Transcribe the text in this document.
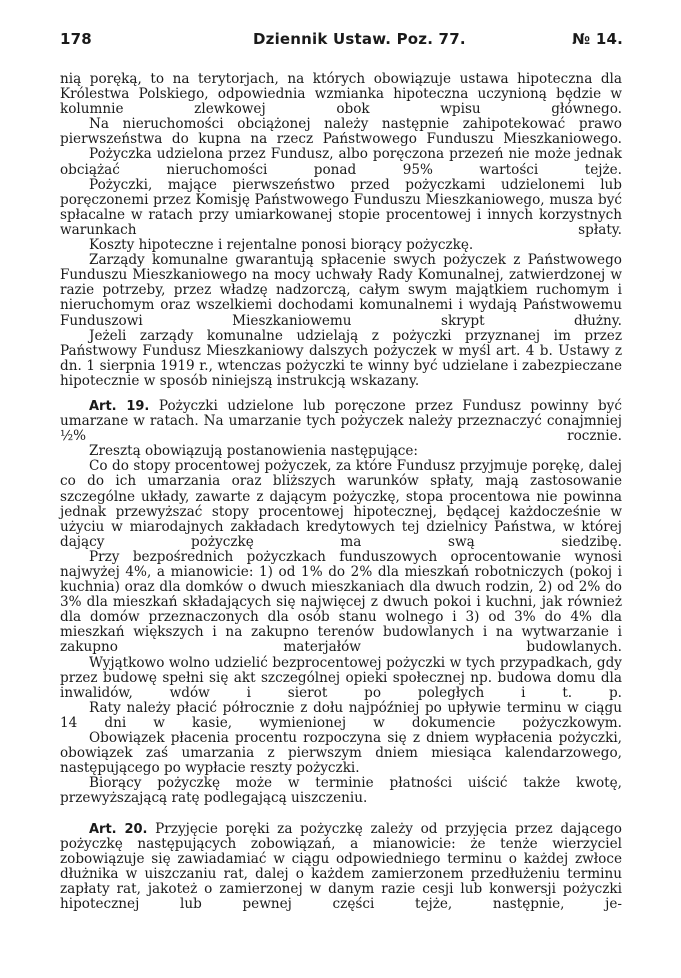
178	Dziennik Ustaw. Poz. 77.	№ 14.

nią poręką, to na terytorjach, na których obowiązuje ustawa hipoteczna dla Królestwa Polskiego, odpowiednia wzmianka hipoteczna uczynioną będzie w kolumnie zlewkowej obok wpisu głównego.

Na nieruchomości obciążonej należy następnie zahipotekować prawo pierwszeństwa do kupna na rzecz Państwowego Funduszu Mieszkaniowego.

Pożyczka udzielona przez Fundusz, albo poręczona przezeń nie może jednak obciążać nieruchomości ponad 95% wartości tejże.

Pożyczki, mające pierwszeństwo przed pożyczkami udzielonemi lub poręczonemi przez Komisję Państwowego Funduszu Mieszkaniowego, musza być spłacalne w ratach przy umiarkowanej stopie procentowej i innych korzystnych warunkach spłaty.

Koszty hipoteczne i rejentalne ponosi biorący pożyczkę.

Zarządy komunalne gwarantują spłacenie swych pożyczek z Państwowego Funduszu Mieszkaniowego na mocy uchwały Rady Komunalnej, zatwierdzonej w razie potrzeby, przez władzę nadzorczą, całym swym majątkiem ruchomym i nieruchomym oraz wszelkiemi dochodami komunalnemi i wydają Państwowemu Funduszowi Mieszkaniowemu skrypt dłużny.

Jeżeli zarządy komunalne udzielają z pożyczki przyznanej im przez Państwowy Fundusz Mieszkaniowy dalszych pożyczek w myśl art. 4 b. Ustawy z dn. 1 sierpnia 1919 r., wtenczas pożyczki te winny być udzielane i zabezpieczane hipotecznie w sposób niniejszą instrukcją wskazany.

Art. 19. Pożyczki udzielone lub poręczone przez Fundusz powinny być umarzane w ratach. Na umarzanie tych pożyczek należy przeznaczyć conajmniej ½% rocznie.

Zresztą obowiązują postanowienia następujące:

Co do stopy procentowej pożyczek, za które Fundusz przyjmuje porękę, dalej co do ich umarzania oraz bliższych warunków spłaty, mają zastosowanie szczególne układy, zawarte z dającym pożyczkę, stopa procentowa nie powinna jednak przewyższać stopy procentowej hipotecznej, będącej każdocześnie w użyciu w miarodajnych zakładach kredytowych tej dzielnicy Państwa, w której dający pożyczkę ma swą siedzibę.

Przy bezpośrednich pożyczkach funduszowych oprocentowanie wynosi najwyżej 4%, a mianowicie: 1) od 1% do 2% dla mieszkań robotniczych (pokoj i kuchnia) oraz dla domków o dwuch mieszkaniach dla dwuch rodzin, 2) od 2% do 3% dla mieszkań składających się najwięcej z dwuch pokoi i kuchni, jak również dla domów przeznaczonych dla osób stanu wolnego i 3) od 3% do 4% dla mieszkań większych i na zakupno terenów budowlanych i na wytwarzanie i zakupno materjałów budowlanych.

Wyjątkowo wolno udzielić bezprocentowej pożyczki w tych przypadkach, gdy przez budowę spełni się akt szczególnej opieki społecznej np. budowa domu dla inwalidów, wdów i sierot po poległych i t. p.

Raty należy płacić półrocznie z dołu najpóźniej po upływie terminu w ciągu 14 dni w kasie, wymienionej w dokumencie pożyczkowym.

Obowiązek płacenia procentu rozpoczyna się z dniem wypłacenia pożyczki, obowiązek zaś umarzania z pierwszym dniem miesiąca kalendarzowego, następującego po wypłacie reszty pożyczki.

Biorący pożyczkę może w terminie płatności uiścić także kwotę, przewyższającą ratę podlegającą uiszczeniu.

Art. 20. Przyjęcie poręki za pożyczkę zależy od przyjęcia przez dającego pożyczkę następujących zobowiązań, a mianowicie: że tenże wierzyciel zobowiązuje się zawiadamiać w ciągu odpowiedniego terminu o każdej zwłoce dłużnika w uiszczaniu rat, dalej o każdem zamierzonem przedłużeniu terminu zapłaty rat, jakoteż o zamierzonej w danym razie cesji lub konwersji pożyczki hipotecznej lub pewnej części tejże, następnie, je-
